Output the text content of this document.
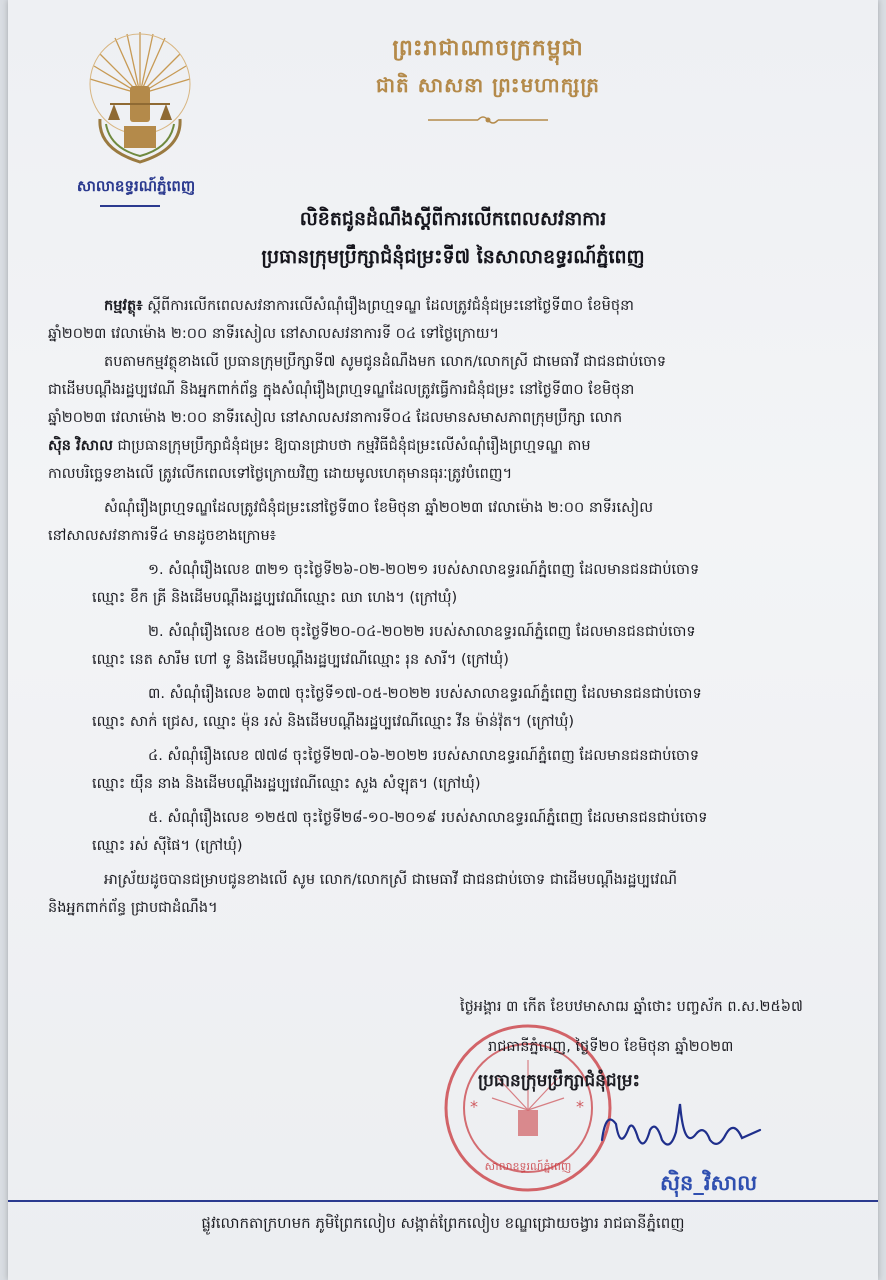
សាលាឧទ្ធរណ៍ភ្នំពេញ
ព្រះរាជាណាចក្រកម្ពុជា
ជាតិ សាសនា ព្រះមហាក្សត្រ
លិខិតជូនដំណឹងស្តីពីការលើកពេលសវនាការ
ប្រធានក្រុមប្រឹក្សាជំនុំជម្រះទី៧ នៃសាលាឧទ្ធរណ៍ភ្នំពេញ

កម្មវត្ថុ៖ ស្តីពីការលើកពេលសវនាការលើសំណុំរឿងព្រហ្មទណ្ឌ ដែលត្រូវជំនុំជម្រះនៅថ្ងៃទី៣០ ខែមិថុនា

ឆ្នាំ២០២៣ វេលាម៉ោង ២:០០ នាទីរសៀល នៅសាលសវនាការទី ០៤ ទៅថ្ងៃក្រោយ។

តបតាមកម្មវត្ថុខាងលើ ប្រធានក្រុមប្រឹក្សាទី៧ សូមជូនដំណឹងមក លោក/លោកស្រី ជាមេធាវី ជាជនជាប់ចោទ

ជាដើមបណ្តឹងរដ្ឋប្បវេណី និងអ្នកពាក់ព័ន្ធ ក្នុងសំណុំរឿងព្រហ្មទណ្ឌដែលត្រូវធ្វើការជំនុំជម្រះ នៅថ្ងៃទី៣០ ខែមិថុនា

ឆ្នាំ២០២៣ វេលាម៉ោង ២:០០ នាទីរសៀល នៅសាលសវនាការទី០៤ ដែលមានសមាសភាពក្រុមប្រឹក្សា លោក

ស៊ិន វិសាល ជាប្រធានក្រុមប្រឹក្សាជំនុំជម្រះ ឱ្យបានជ្រាបថា កម្មវិធីជំនុំជម្រះលើសំណុំរឿងព្រហ្មទណ្ឌ តាម

កាលបរិច្ឆេទខាងលើ ត្រូវលើកពេលទៅថ្ងៃក្រោយវិញ ដោយមូលហេតុមានធុរៈត្រូវបំពេញ។

សំណុំរឿងព្រហ្មទណ្ឌដែលត្រូវជំនុំជម្រះនៅថ្ងៃទី៣០ ខែមិថុនា ឆ្នាំ២០២៣ វេលាម៉ោង ២:០០ នាទីរសៀល

នៅសាលសវនាការទី៤ មានដូចខាងក្រោម៖

១. សំណុំរឿងលេខ ៣២១ ចុះថ្ងៃទី២៦-០២-២០២១ របស់សាលាឧទ្ធរណ៍ភ្នំពេញ ដែលមានជនជាប់ចោទ
ឈ្មោះ ខឹក គ្រី និងដើមបណ្តឹងរដ្ឋប្បវេណីឈ្មោះ ឈា ហេង។ (ក្រៅឃុំ)
២. សំណុំរឿងលេខ ៥០២ ចុះថ្ងៃទី២០-០៤-២០២២ របស់សាលាឧទ្ធរណ៍ភ្នំពេញ ដែលមានជនជាប់ចោទ
ឈ្មោះ នេត សារឹម ហៅ ទូ និងដើមបណ្តឹងរដ្ឋប្បវេណីឈ្មោះ រុន សារី។ (ក្រៅឃុំ)
៣. សំណុំរឿងលេខ ៦៣៧ ចុះថ្ងៃទី១៧-០៥-២០២២ របស់សាលាឧទ្ធរណ៍ភ្នំពេញ ដែលមានជនជាប់ចោទ
ឈ្មោះ សាក់ ជ្រេស, ឈ្មោះ ម៉ុន រស់ និងដើមបណ្តឹងរដ្ឋប្បវេណីឈ្មោះ វីន ម៉ាន់វ៉ុត។ (ក្រៅឃុំ)
៤. សំណុំរឿងលេខ ៧៧៨ ចុះថ្ងៃទី២៧-០៦-២០២២ របស់សាលាឧទ្ធរណ៍ភ្នំពេញ ដែលមានជនជាប់ចោទ
ឈ្មោះ យ៉ឹន នាង និងដើមបណ្តឹងរដ្ឋប្បវេណីឈ្មោះ សួង សំឡុត។ (ក្រៅឃុំ)
៥. សំណុំរឿងលេខ ១២៥៧ ចុះថ្ងៃទី២៨-១០-២០១៩ របស់សាលាឧទ្ធរណ៍ភ្នំពេញ ដែលមានជនជាប់ចោទ
ឈ្មោះ រស់ ស៊ីផៃ។ (ក្រៅឃុំ)

អាស្រ័យដូចបានជម្រាបជូនខាងលើ សូម លោក/លោកស្រី ជាមេធាវី ជាជនជាប់ចោទ ជាដើមបណ្តឹងរដ្ឋប្បវេណី

និងអ្នកពាក់ព័ន្ធ ជ្រាបជាដំណឹង។

*	*
សាលាឧទ្ធរណ៍ភ្នំពេញ
ថ្ងៃអង្គារ ៣ កើត ខែបឋមាសាឍ ឆ្នាំថោះ បញ្ចស័ក ព.ស.២៥៦៧
រាជធានីភ្នំពេញ, ថ្ងៃទី២០ ខែមិថុនា ឆ្នាំ២០២៣
ប្រធានក្រុមប្រឹក្សាជំនុំជម្រះ
ស៊ិន_វិសាល
ផ្លូវលោកតាក្រហមក ភូមិព្រែកលៀប សង្កាត់ព្រែកលៀប ខណ្ឌជ្រោយចង្វារ រាជធានីភ្នំពេញ
